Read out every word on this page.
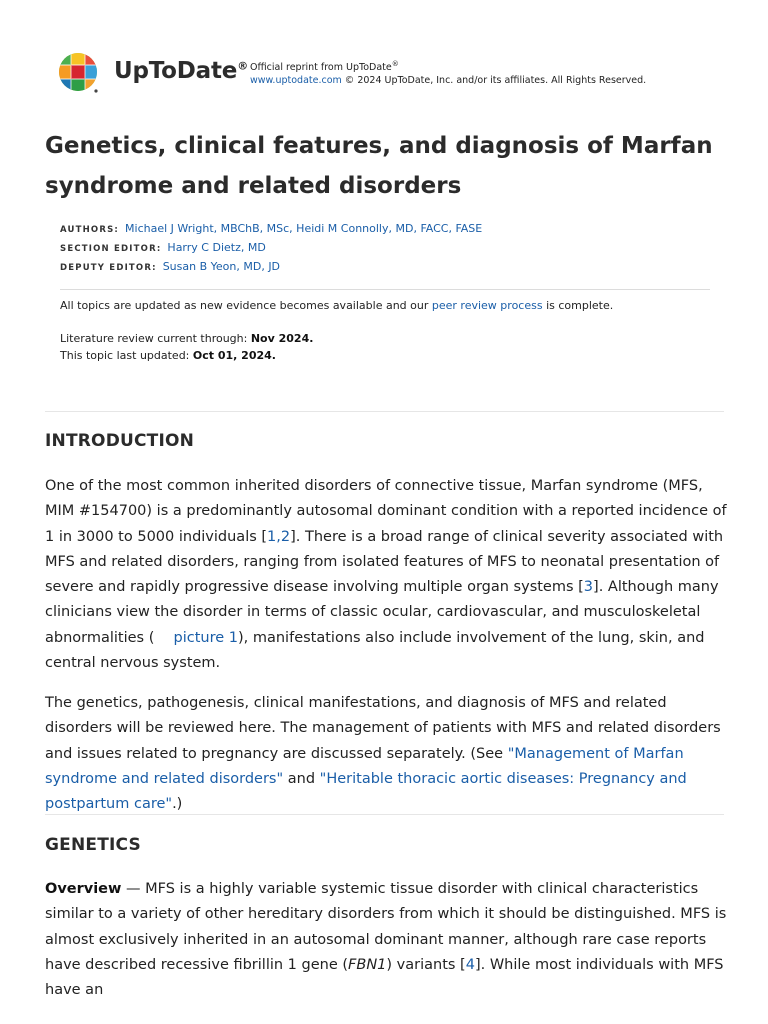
UpToDate® Official reprint from UpToDate®
www.uptodate.com © 2024 UpToDate, Inc. and/or its affiliates. All Rights Reserved.
Genetics, clinical features, and diagnosis of Marfan syndrome and related disorders
AUTHORS: Michael J Wright, MBChB, MSc, Heidi M Connolly, MD, FACC, FASE
SECTION EDITOR: Harry C Dietz, MD
DEPUTY EDITOR: Susan B Yeon, MD, JD
All topics are updated as new evidence becomes available and our peer review process is complete.
Literature review current through: Nov 2024.
This topic last updated: Oct 01, 2024.
INTRODUCTION

One of the most common inherited disorders of connective tissue, Marfan syndrome (MFS, MIM #154700) is a predominantly autosomal dominant condition with a reported incidence of 1 in 3000 to 5000 individuals [1,2]. There is a broad range of clinical severity associated with MFS and related disorders, ranging from isolated features of MFS to neonatal presentation of severe and rapidly progressive disease involving multiple organ systems [3]. Although many clinicians view the disorder in terms of classic ocular, cardiovascular, and musculoskeletal abnormalities (  picture 1), manifestations also include involvement of the lung, skin, and central nervous system.

The genetics, pathogenesis, clinical manifestations, and diagnosis of MFS and related disorders will be reviewed here. The management of patients with MFS and related disorders and issues related to pregnancy are discussed separately. (See "Management of Marfan syndrome and related disorders" and "Heritable thoracic aortic diseases: Pregnancy and postpartum care".)

GENETICS

Overview — MFS is a highly variable systemic tissue disorder with clinical characteristics similar to a variety of other hereditary disorders from which it should be distinguished. MFS is almost exclusively inherited in an autosomal dominant manner, although rare case reports have described recessive fibrillin 1 gene (FBN1) variants [4]. While most individuals with MFS have an
